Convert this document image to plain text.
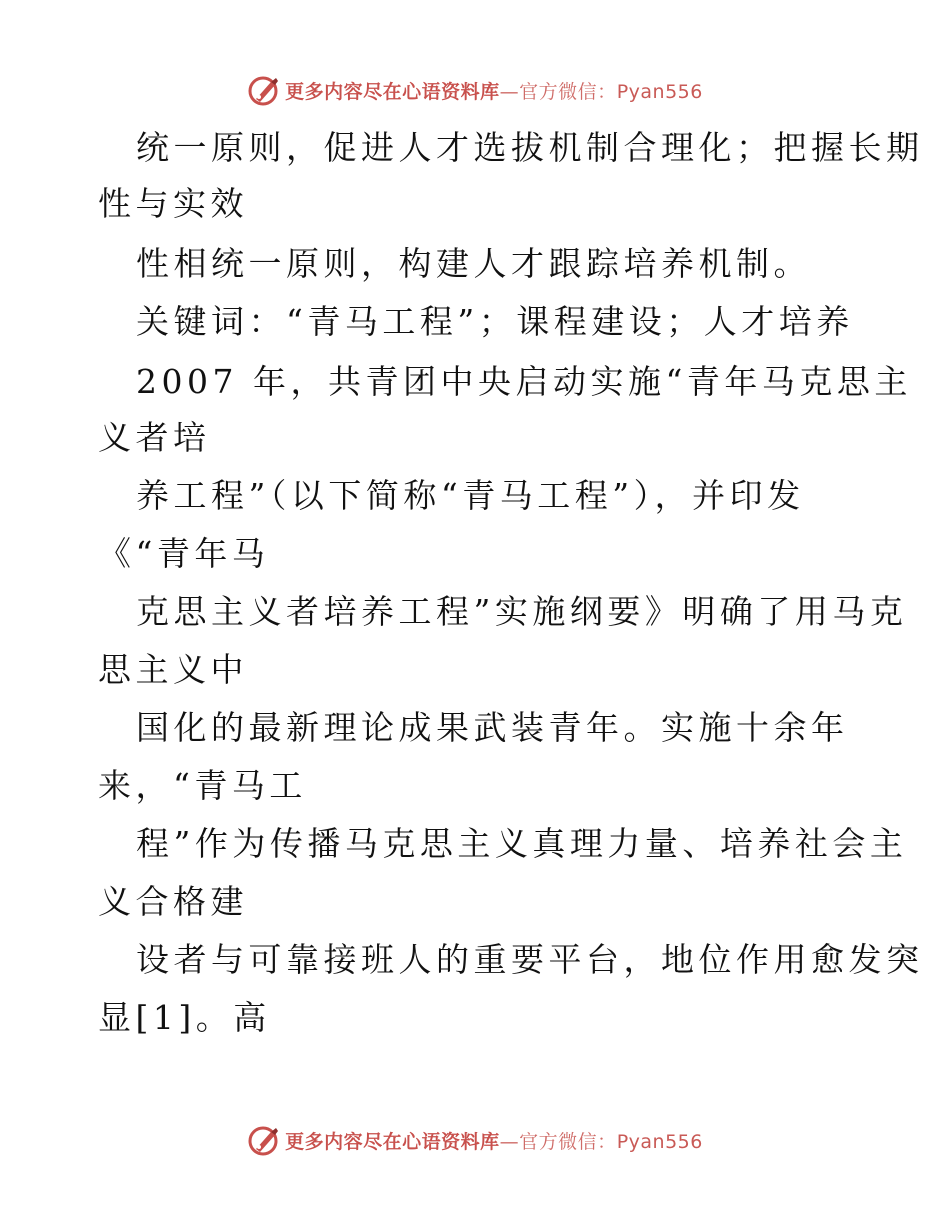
更多内容尽在心语资料库—官方微信：Pyan556
统一原则，促进人才选拔机制合理化；把握长期
性与实效
性相统一原则，构建人才跟踪培养机制。
关键词：“青马工程”；课程建设；人才培养
2007 年，共青团中央启动实施“青年马克思主
义者培
养工程”（以下简称“青马工程”），并印发
《“青年马
克思主义者培养工程”实施纲要》明确了用马克
思主义中
国化的最新理论成果武装青年。实施十余年
来，“青马工
程”作为传播马克思主义真理力量、培养社会主
义合格建
设者与可靠接班人的重要平台，地位作用愈发突
显[1]。高
更多内容尽在心语资料库—官方微信：Pyan556
